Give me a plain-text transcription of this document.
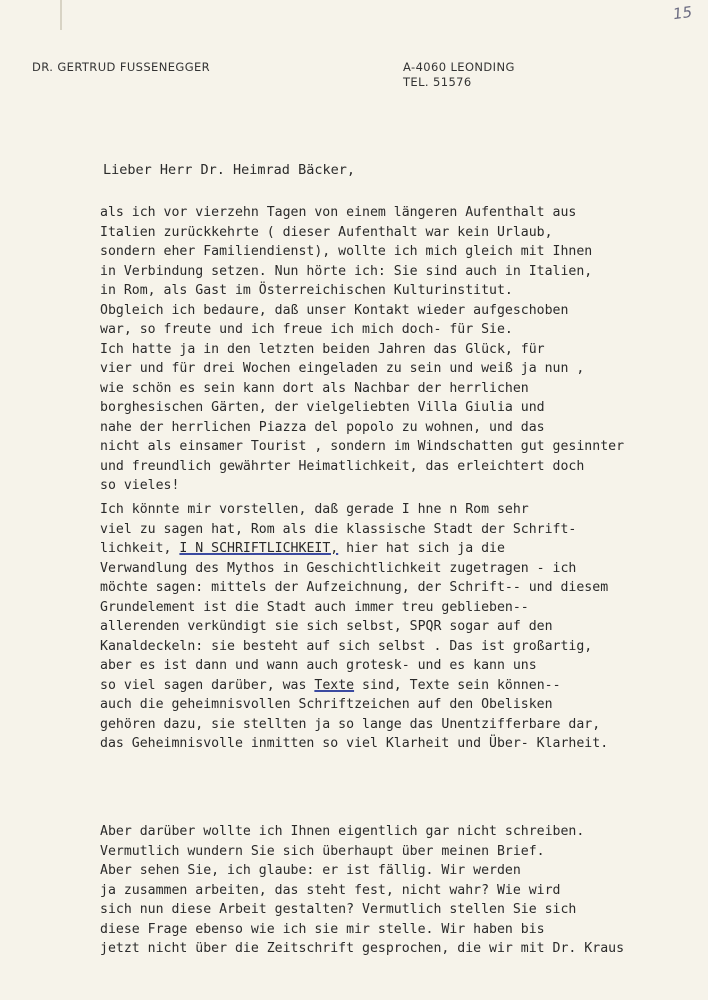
15
DR. GERTRUD FUSSENEGGER	A-4060 LEONDING
TEL. 51576
Lieber Herr Dr. Heimrad Bäcker,
als ich vor vierzehn Tagen von einem längeren Aufenthalt aus
Italien zurückkehrte ( dieser Aufenthalt war kein Urlaub,
sondern eher Familiendienst), wollte ich mich gleich mit Ihnen
in Verbindung setzen. Nun hörte ich: Sie sind auch in Italien,
in Rom, als Gast im Österreichischen Kulturinstitut.
Obgleich ich bedaure, daß unser Kontakt wieder aufgeschoben
war, so freute und ich freue ich mich doch- für Sie.
Ich hatte ja in den letzten beiden Jahren das Glück, für
vier und für drei Wochen eingeladen zu sein und weiß ja nun ,
wie schön es sein kann dort als Nachbar der herrlichen
borghesischen Gärten, der vielgeliebten Villa Giulia und
nahe der herrlichen Piazza del popolo zu wohnen, und das
nicht als einsamer Tourist , sondern im Windschatten gut gesinnter
und freundlich gewährter Heimatlichkeit, das erleichtert doch
so vieles!
Ich könnte mir vorstellen, daß gerade I hne n Rom sehr
viel zu sagen hat, Rom als die klassische Stadt der Schrift-
lichkeit, I N SCHRIFTLICHKEIT, hier hat sich ja die
Verwandlung des Mythos in Geschichtlichkeit zugetragen - ich
möchte sagen: mittels der Aufzeichnung, der Schrift-- und diesem
Grundelement ist die Stadt auch immer treu geblieben--
allerenden verkündigt sie sich selbst, SPQR sogar auf den
Kanaldeckeln: sie besteht auf sich selbst . Das ist großartig,
aber es ist dann und wann auch grotesk- und es kann uns
so viel sagen darüber, was Texte sind, Texte sein können--
auch die geheimnisvollen Schriftzeichen auf den Obelisken
gehören dazu, sie stellten ja so lange das Unentzifferbare dar,
das Geheimnisvolle inmitten so viel Klarheit und Über- Klarheit.
Aber darüber wollte ich Ihnen eigentlich gar nicht schreiben.
Vermutlich wundern Sie sich überhaupt über meinen Brief.
Aber sehen Sie, ich glaube: er ist fällig. Wir werden
ja zusammen arbeiten, das steht fest, nicht wahr? Wie wird
sich nun diese Arbeit gestalten? Vermutlich stellen Sie sich
diese Frage ebenso wie ich sie mir stelle. Wir haben bis
jetzt nicht über die Zeitschrift gesprochen, die wir mit Dr. Kraus
